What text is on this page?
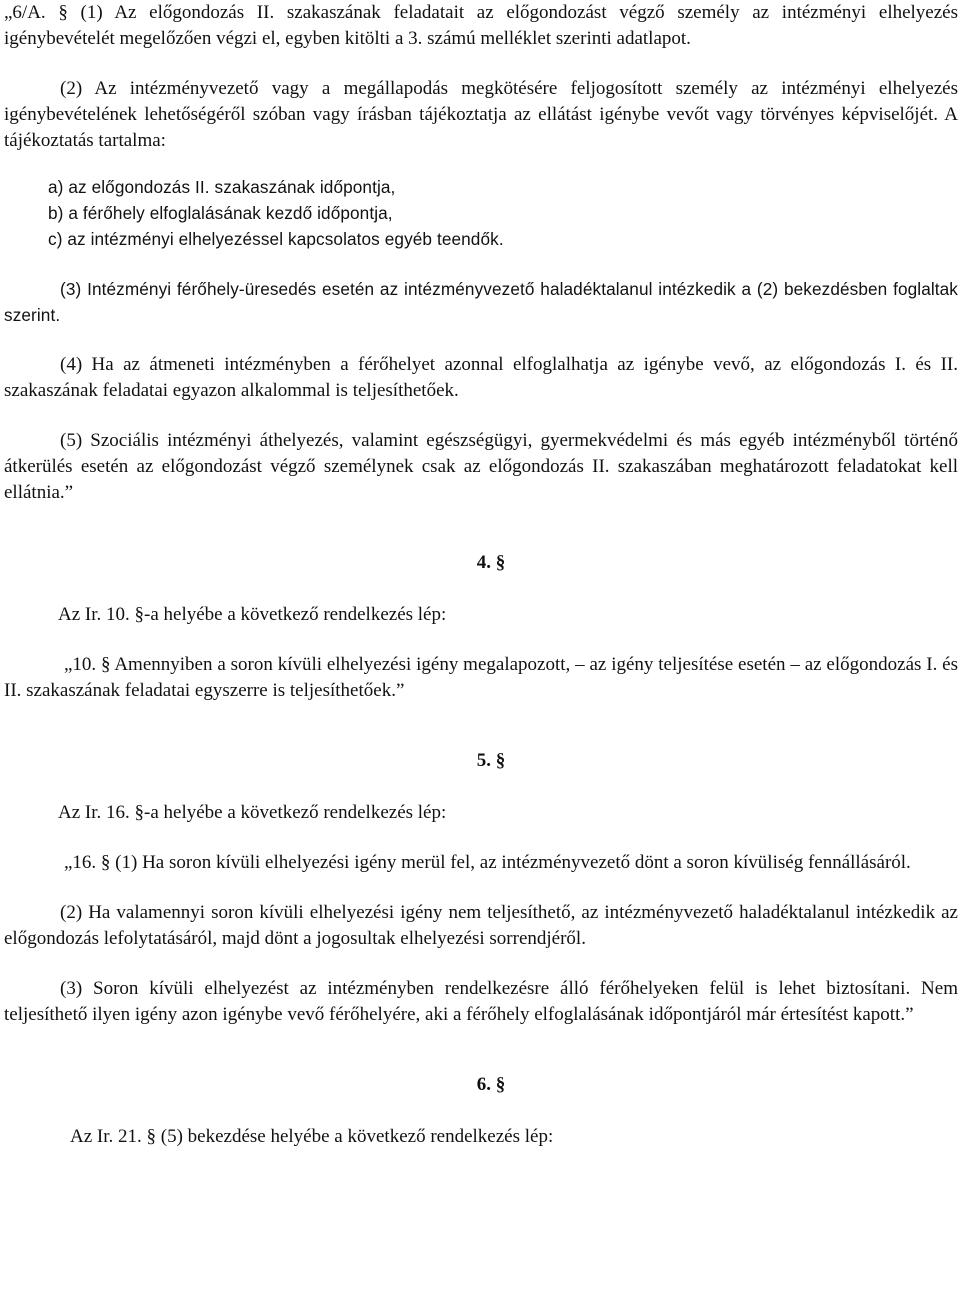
„6/A. § (1) Az előgondozás II. szakaszának feladatait az előgondozást végző személy az intézményi elhelyezés igénybevételét megelőzően végzi el, egyben kitölti a 3. számú melléklet szerinti adatlapot.

(2) Az intézményvezető vagy a megállapodás megkötésére feljogosított személy az intézményi elhelyezés igénybevételének lehetőségéről szóban vagy írásban tájékoztatja az ellátást igénybe vevőt vagy törvényes képviselőjét. A tájékoztatás tartalma:

a) az előgondozás II. szakaszának időpontja,
b) a férőhely elfoglalásának kezdő időpontja,
c) az intézményi elhelyezéssel kapcsolatos egyéb teendők.

(3) Intézményi férőhely-üresedés esetén az intézményvezető haladéktalanul intézkedik a (2) bekezdésben foglaltak szerint.

(4) Ha az átmeneti intézményben a férőhelyet azonnal elfoglalhatja az igénybe vevő, az előgondozás I. és II. szakaszának feladatai egyazon alkalommal is teljesíthetőek.

(5) Szociális intézményi áthelyezés, valamint egészségügyi, gyermekvédelmi és más egyéb intézményből történő átkerülés esetén az előgondozást végző személynek csak az előgondozás II. szakaszában meghatározott feladatokat kell ellátnia.”

4. §
Az Ir. 10. §-a helyébe a következő rendelkezés lép:

„10. § Amennyiben a soron kívüli elhelyezési igény megalapozott, – az igény teljesítése esetén – az előgondozás I. és II. szakaszának feladatai egyszerre is teljesíthetőek.”

5. §
Az Ir. 16. §-a helyébe a következő rendelkezés lép:

„16. § (1) Ha soron kívüli elhelyezési igény merül fel, az intézményvezető dönt a soron kívüliség fennállásáról.

(2) Ha valamennyi soron kívüli elhelyezési igény nem teljesíthető, az intézményvezető haladéktalanul intézkedik az előgondozás lefolytatásáról, majd dönt a jogosultak elhelyezési sorrendjéről.

(3) Soron kívüli elhelyezést az intézményben rendelkezésre álló férőhelyeken felül is lehet biztosítani. Nem teljesíthető ilyen igény azon igénybe vevő férőhelyére, aki a férőhely elfoglalásának időpontjáról már értesítést kapott.”

6. §
Az Ir. 21. § (5) bekezdése helyébe a következő rendelkezés lép:
